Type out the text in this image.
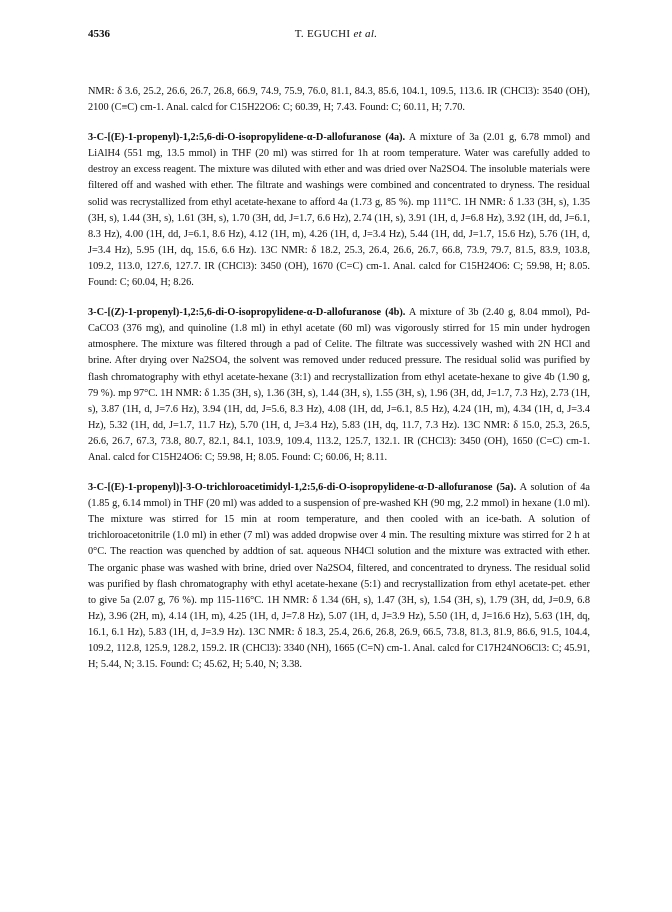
4536	T. EGUCHI et al.

NMR: δ 3.6, 25.2, 26.6, 26.7, 26.8, 66.9, 74.9, 75.9, 76.0, 81.1, 84.3, 85.6, 104.1, 109.5, 113.6. IR (CHCl3): 3540 (OH), 2100 (C≡C) cm-1. Anal. calcd for C15H22O6: C; 60.39, H; 7.43. Found: C; 60.11, H; 7.70.

3-C-[(E)-1-propenyl)-1,2:5,6-di-O-isopropylidene-α-D-allofuranose (4a). A mixture of 3a (2.01 g, 6.78 mmol) and LiAlH4 (551 mg, 13.5 mmol) in THF (20 ml) was stirred for 1h at room temperature. Water was carefully added to destroy an excess reagent. The mixture was diluted with ether and was dried over Na2SO4. The insoluble materials were filtered off and washed with ether. The filtrate and washings were combined and concentrated to dryness. The residual solid was recrystallized from ethyl acetate-hexane to afford 4a (1.73 g, 85 %). mp 111°C. 1H NMR: δ 1.33 (3H, s), 1.35 (3H, s), 1.44 (3H, s), 1.61 (3H, s), 1.70 (3H, dd, J=1.7, 6.6 Hz), 2.74 (1H, s), 3.91 (1H, d, J=6.8 Hz), 3.92 (1H, dd, J=6.1, 8.3 Hz), 4.00 (1H, dd, J=6.1, 8.6 Hz), 4.12 (1H, m), 4.26 (1H, d, J=3.4 Hz), 5.44 (1H, dd, J=1.7, 15.6 Hz), 5.76 (1H, d, J=3.4 Hz), 5.95 (1H, dq, 15.6, 6.6 Hz). 13C NMR: δ 18.2, 25.3, 26.4, 26.6, 26.7, 66.8, 73.9, 79.7, 81.5, 83.9, 103.8, 109.2, 113.0, 127.6, 127.7. IR (CHCl3): 3450 (OH), 1670 (C=C) cm-1. Anal. calcd for C15H24O6: C; 59.98, H; 8.05. Found: C; 60.04, H; 8.26.

3-C-[(Z)-1-propenyl)-1,2:5,6-di-O-isopropylidene-α-D-allofuranose (4b). A mixture of 3b (2.40 g, 8.04 mmol), Pd-CaCO3 (376 mg), and quinoline (1.8 ml) in ethyl acetate (60 ml) was vigorously stirred for 15 min under hydrogen atmosphere. The mixture was filtered through a pad of Celite. The filtrate was successively washed with 2N HCl and brine. After drying over Na2SO4, the solvent was removed under reduced pressure. The residual solid was purified by flash chromatography with ethyl acetate-hexane (3:1) and recrystallization from ethyl acetate-hexane to give 4b (1.90 g, 79 %). mp 97°C. 1H NMR: δ 1.35 (3H, s), 1.36 (3H, s), 1.44 (3H, s), 1.55 (3H, s), 1.96 (3H, dd, J=1.7, 7.3 Hz), 2.73 (1H, s), 3.87 (1H, d, J=7.6 Hz), 3.94 (1H, dd, J=5.6, 8.3 Hz), 4.08 (1H, dd, J=6.1, 8.5 Hz), 4.24 (1H, m), 4.34 (1H, d, J=3.4 Hz), 5.32 (1H, dd, J=1.7, 11.7 Hz), 5.70 (1H, d, J=3.4 Hz), 5.83 (1H, dq, 11.7, 7.3 Hz). 13C NMR: δ 15.0, 25.3, 26.5, 26.6, 26.7, 67.3, 73.8, 80.7, 82.1, 84.1, 103.9, 109.4, 113.2, 125.7, 132.1. IR (CHCl3): 3450 (OH), 1650 (C=C) cm-1. Anal. calcd for C15H24O6: C; 59.98, H; 8.05. Found: C; 60.06, H; 8.11.

3-C-[(E)-1-propenyl)]-3-O-trichloroacetimidyl-1,2:5,6-di-O-isopropylidene-α-D-allofuranose (5a). A solution of 4a (1.85 g, 6.14 mmol) in THF (20 ml) was added to a suspension of pre-washed KH (90 mg, 2.2 mmol) in hexane (1.0 ml). The mixture was stirred for 15 min at room temperature, and then cooled with an ice-bath. A solution of trichloroacetonitrile (1.0 ml) in ether (7 ml) was added dropwise over 4 min. The resulting mixture was stirred for 2 h at 0°C. The reaction was quenched by addtion of sat. aqueous NH4Cl solution and the mixture was extracted with ether. The organic phase was washed with brine, dried over Na2SO4, filtered, and concentrated to dryness. The residual solid was purified by flash chromatography with ethyl acetate-hexane (5:1) and recrystallization from ethyl acetate-pet. ether to give 5a (2.07 g, 76 %). mp 115-116°C. 1H NMR: δ 1.34 (6H, s), 1.47 (3H, s), 1.54 (3H, s), 1.79 (3H, dd, J=0.9, 6.8 Hz), 3.96 (2H, m), 4.14 (1H, m), 4.25 (1H, d, J=7.8 Hz), 5.07 (1H, d, J=3.9 Hz), 5.50 (1H, d, J=16.6 Hz), 5.63 (1H, dq, 16.1, 6.1 Hz), 5.83 (1H, d, J=3.9 Hz). 13C NMR: δ 18.3, 25.4, 26.6, 26.8, 26.9, 66.5, 73.8, 81.3, 81.9, 86.6, 91.5, 104.4, 109.2, 112.8, 125.9, 128.2, 159.2. IR (CHCl3): 3340 (NH), 1665 (C=N) cm-1. Anal. calcd for C17H24NO6Cl3: C; 45.91, H; 5.44, N; 3.15. Found: C; 45.62, H; 5.40, N; 3.38.
